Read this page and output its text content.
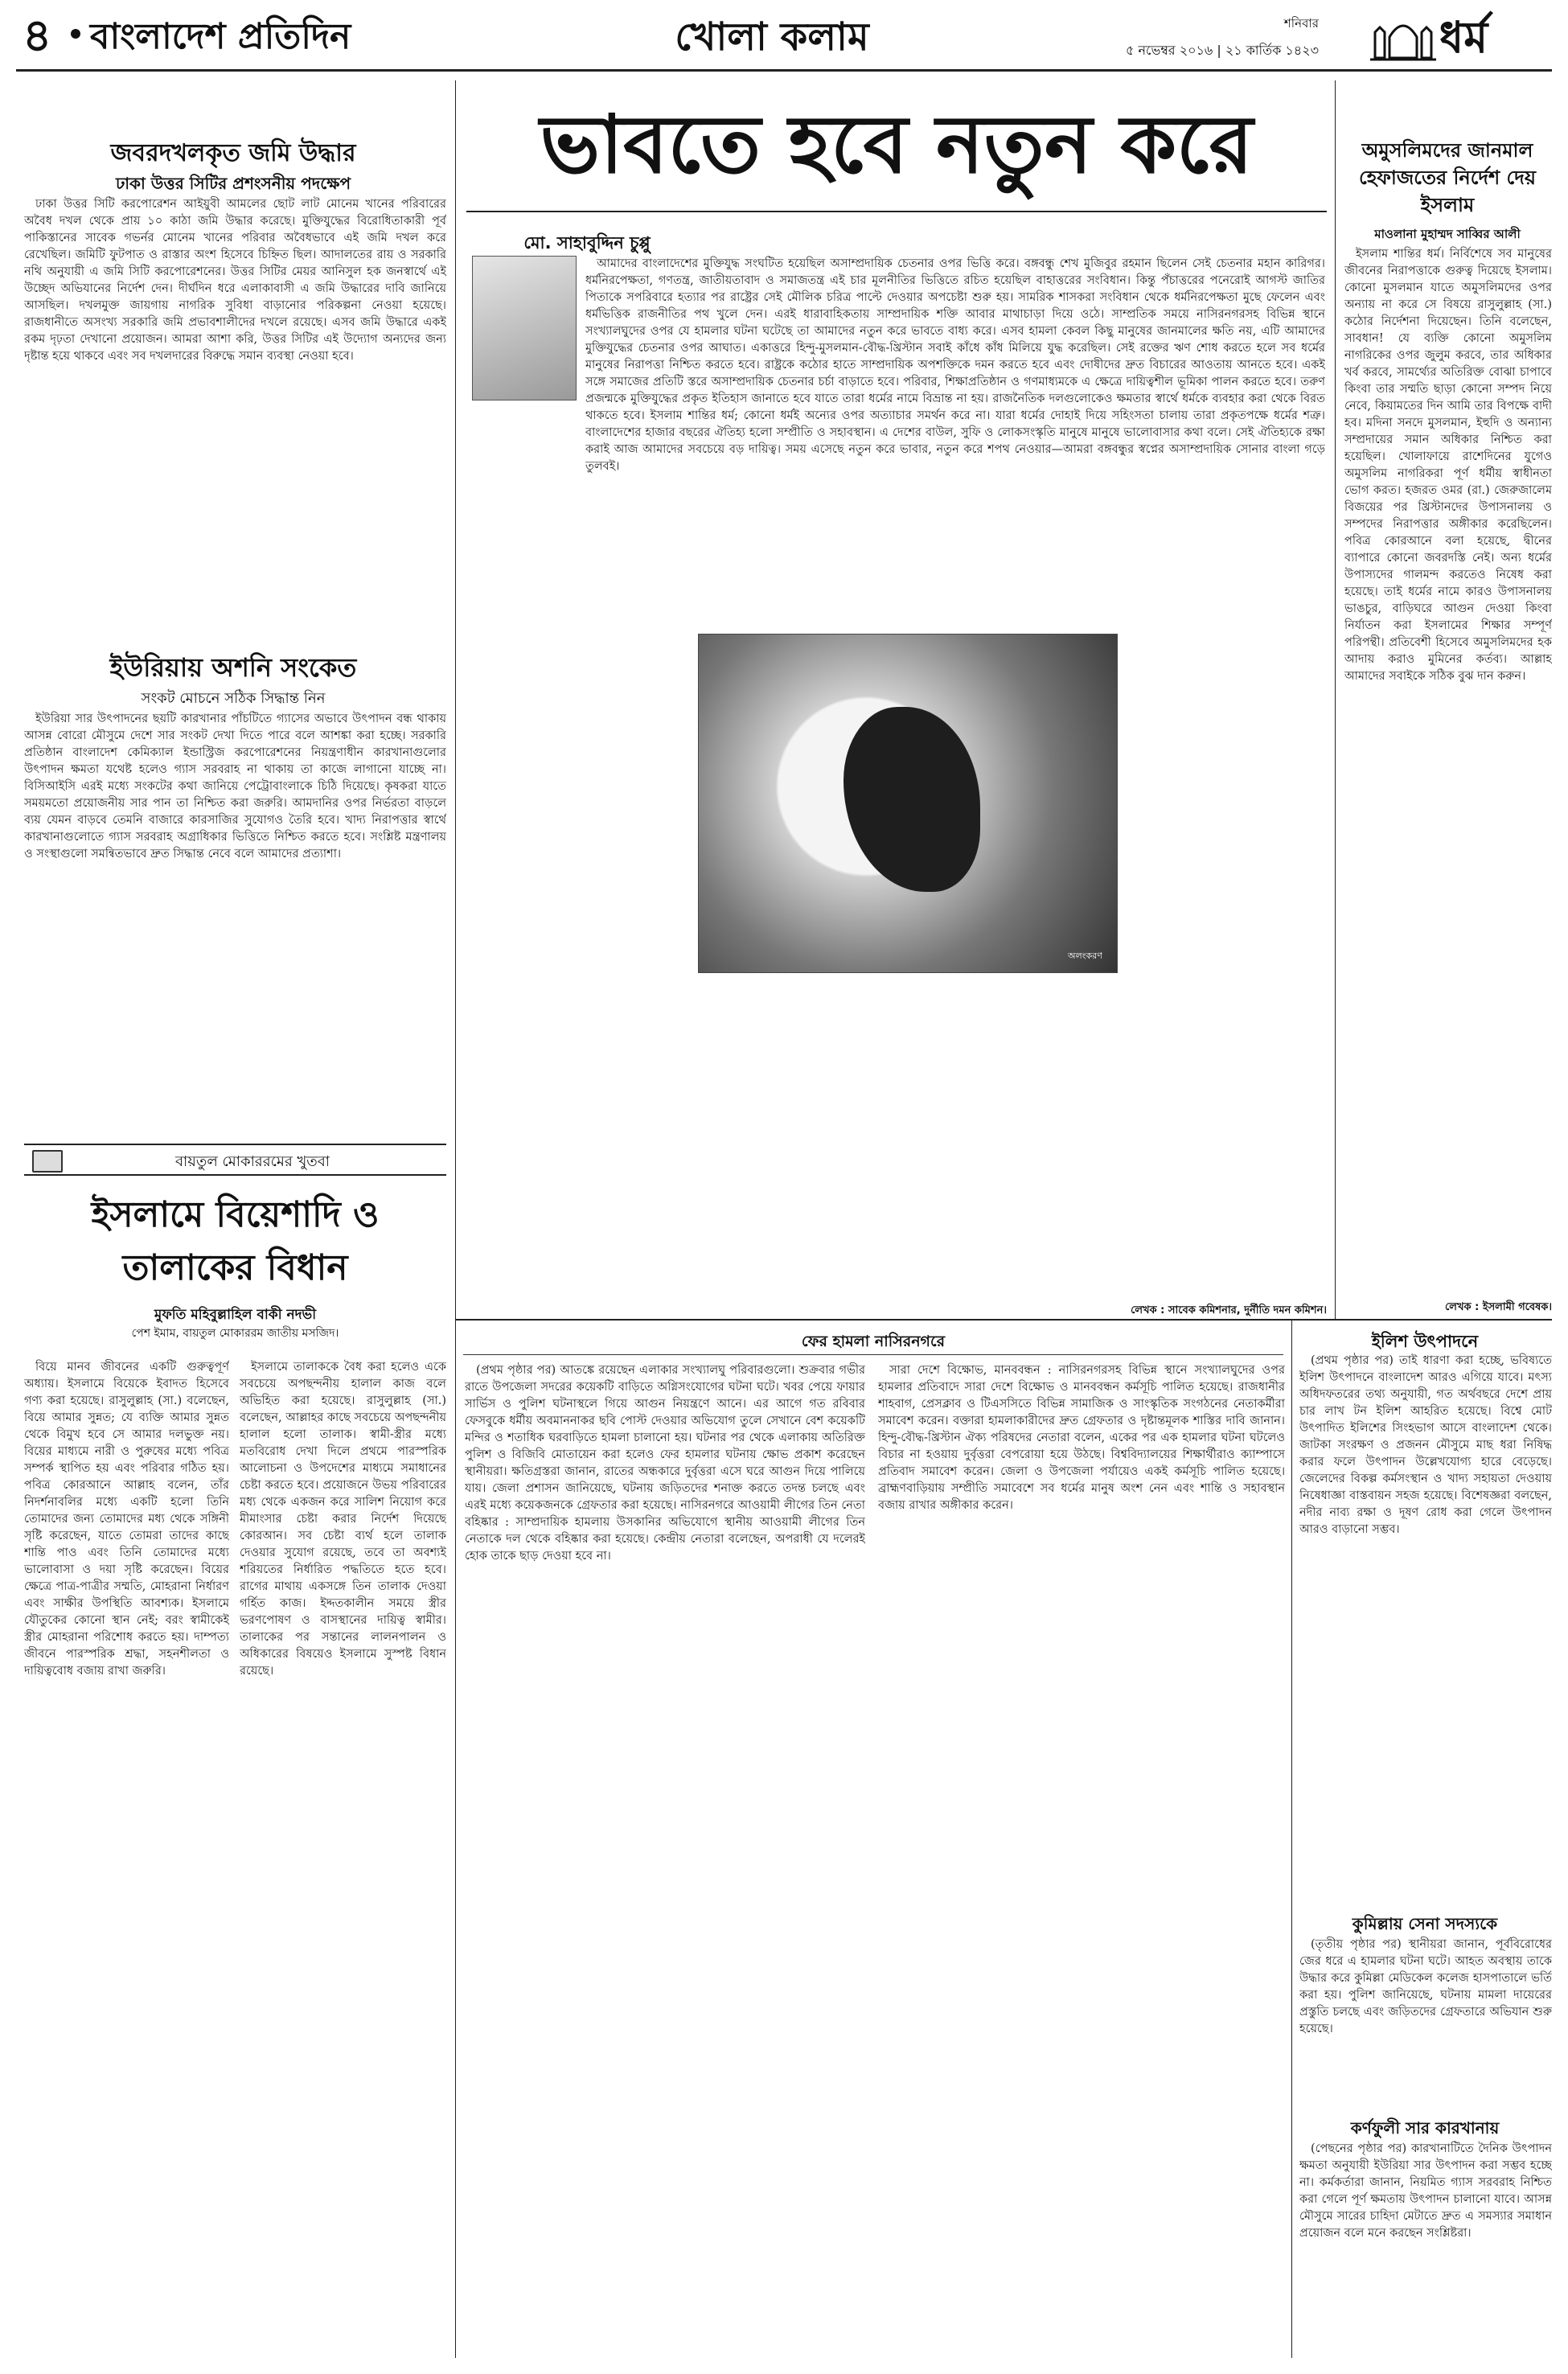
৪ বাংলাদেশ প্রতিদিন	খোলা কলাম	শনিবার
৫ নভেম্বর ২০১৬ | ২১ কার্তিক ১৪২৩	ধর্ম
জবরদখলকৃত জমি উদ্ধার
ঢাকা উত্তর সিটির প্রশংসনীয় পদক্ষেপ

ঢাকা উত্তর সিটি করপোরেশন আইয়ুবী আমলের ছোট লাট মোনেম খানের পরিবারের অবৈধ দখল থেকে প্রায় ১০ কাঠা জমি উদ্ধার করেছে। মুক্তিযুদ্ধের বিরোধিতাকারী পূর্ব পাকিস্তানের সাবেক গভর্নর মোনেম খানের পরিবার অবৈধভাবে এই জমি দখল করে রেখেছিল। জমিটি ফুটপাত ও রাস্তার অংশ হিসেবে চিহ্নিত ছিল। আদালতের রায় ও সরকারি নথি অনুযায়ী এ জমি সিটি করপোরেশনের। উত্তর সিটির মেয়র আনিসুল হক জনস্বার্থে এই উচ্ছেদ অভিযানের নির্দেশ দেন। দীর্ঘদিন ধরে এলাকাবাসী এ জমি উদ্ধারের দাবি জানিয়ে আসছিল। দখলমুক্ত জায়গায় নাগরিক সুবিধা বাড়ানোর পরিকল্পনা নেওয়া হয়েছে। রাজধানীতে অসংখ্য সরকারি জমি প্রভাবশালীদের দখলে রয়েছে। এসব জমি উদ্ধারে একই রকম দৃঢ়তা দেখানো প্রয়োজন। আমরা আশা করি, উত্তর সিটির এই উদ্যোগ অন্যদের জন্য দৃষ্টান্ত হয়ে থাকবে এবং সব দখলদারের বিরুদ্ধে সমান ব্যবস্থা নেওয়া হবে।

ইউরিয়ায় অশনি সংকেত
সংকট মোচনে সঠিক সিদ্ধান্ত নিন

ইউরিয়া সার উৎপাদনের ছয়টি কারখানার পাঁচটিতে গ্যাসের অভাবে উৎপাদন বন্ধ থাকায় আসন্ন বোরো মৌসুমে দেশে সার সংকট দেখা দিতে পারে বলে আশঙ্কা করা হচ্ছে। সরকারি প্রতিষ্ঠান বাংলাদেশ কেমিক্যাল ইন্ডাস্ট্রিজ করপোরেশনের নিয়ন্ত্রণাধীন কারখানাগুলোর উৎপাদন ক্ষমতা যথেষ্ট হলেও গ্যাস সরবরাহ না থাকায় তা কাজে লাগানো যাচ্ছে না। বিসিআইসি এরই মধ্যে সংকটের কথা জানিয়ে পেট্রোবাংলাকে চিঠি দিয়েছে। কৃষকরা যাতে সময়মতো প্রয়োজনীয় সার পান তা নিশ্চিত করা জরুরি। আমদানির ওপর নির্ভরতা বাড়লে ব্যয় যেমন বাড়বে তেমনি বাজারে কারসাজির সুযোগও তৈরি হবে। খাদ্য নিরাপত্তার স্বার্থে কারখানাগুলোতে গ্যাস সরবরাহ অগ্রাধিকার ভিত্তিতে নিশ্চিত করতে হবে। সংশ্লিষ্ট মন্ত্রণালয় ও সংস্থাগুলো সমন্বিতভাবে দ্রুত সিদ্ধান্ত নেবে বলে আমাদের প্রত্যাশা।

বায়তুল মোকাররমের খুতবা
ইসলামে বিয়েশাদি ও তালাকের বিধান
মুফতি মহিবুল্লাহিল বাকী নদভী
পেশ ইমাম, বায়তুল মোকাররম জাতীয় মসজিদ।
ভাবতে হবে নতুন করে
মো. সাহাবুদ্দিন চুপ্পু
অলংকরণ

আমাদের বাংলাদেশের মুক্তিযুদ্ধ সংঘটিত হয়েছিল অসাম্প্রদায়িক চেতনার ওপর ভিত্তি করে। বঙ্গবন্ধু শেখ মুজিবুর রহমান ছিলেন সেই চেতনার মহান কারিগর। ধর্মনিরপেক্ষতা, গণতন্ত্র, জাতীয়তাবাদ ও সমাজতন্ত্র এই চার মূলনীতির ভিত্তিতে রচিত হয়েছিল বাহাত্তরের সংবিধান। কিন্তু পঁচাত্তরের পনেরোই আগস্ট জাতির পিতাকে সপরিবারে হত্যার পর রাষ্ট্রের সেই মৌলিক চরিত্র পাল্টে দেওয়ার অপচেষ্টা শুরু হয়। সামরিক শাসকরা সংবিধান থেকে ধর্মনিরপেক্ষতা মুছে ফেলেন এবং ধর্মভিত্তিক রাজনীতির পথ খুলে দেন। এরই ধারাবাহিকতায় সাম্প্রদায়িক শক্তি আবার মাথাচাড়া দিয়ে ওঠে। সাম্প্রতিক সময়ে নাসিরনগরসহ বিভিন্ন স্থানে সংখ্যালঘুদের ওপর যে হামলার ঘটনা ঘটেছে তা আমাদের নতুন করে ভাবতে বাধ্য করে। এসব হামলা কেবল কিছু মানুষের জানমালের ক্ষতি নয়, এটি আমাদের মুক্তিযুদ্ধের চেতনার ওপর আঘাত। একাত্তরে হিন্দু-মুসলমান-বৌদ্ধ-খ্রিস্টান সবাই কাঁধে কাঁধ মিলিয়ে যুদ্ধ করেছিল। সেই রক্তের ঋণ শোধ করতে হলে সব ধর্মের মানুষের নিরাপত্তা নিশ্চিত করতে হবে। রাষ্ট্রকে কঠোর হাতে সাম্প্রদায়িক অপশক্তিকে দমন করতে হবে এবং দোষীদের দ্রুত বিচারের আওতায় আনতে হবে। একই সঙ্গে সমাজের প্রতিটি স্তরে অসাম্প্রদায়িক চেতনার চর্চা বাড়াতে হবে। পরিবার, শিক্ষাপ্রতিষ্ঠান ও গণমাধ্যমকে এ ক্ষেত্রে দায়িত্বশীল ভূমিকা পালন করতে হবে। তরুণ প্রজন্মকে মুক্তিযুদ্ধের প্রকৃত ইতিহাস জানাতে হবে যাতে তারা ধর্মের নামে বিভ্রান্ত না হয়। রাজনৈতিক দলগুলোকেও ক্ষমতার স্বার্থে ধর্মকে ব্যবহার করা থেকে বিরত থাকতে হবে। ইসলাম শান্তির ধর্ম; কোনো ধর্মই অন্যের ওপর অত্যাচার সমর্থন করে না। যারা ধর্মের দোহাই দিয়ে সহিংসতা চালায় তারা প্রকৃতপক্ষে ধর্মের শত্রু। বাংলাদেশের হাজার বছরের ঐতিহ্য হলো সম্প্রীতি ও সহাবস্থান। এ দেশের বাউল, সুফি ও লোকসংস্কৃতি মানুষে মানুষে ভালোবাসার কথা বলে। সেই ঐতিহ্যকে রক্ষা করাই আজ আমাদের সবচেয়ে বড় দায়িত্ব। সময় এসেছে নতুন করে ভাবার, নতুন করে শপথ নেওয়ার—আমরা বঙ্গবন্ধুর স্বপ্নের অসাম্প্রদায়িক সোনার বাংলা গড়ে তুলবই।

লেখক : সাবেক কমিশনার, দুর্নীতি দমন কমিশন।
অমুসলিমদের জানমাল হেফাজতের নির্দেশ দেয় ইসলাম
মাওলানা মুহাম্মদ সাব্বির আলী

ইসলাম শান্তির ধর্ম। নির্বিশেষে সব মানুষের জীবনের নিরাপত্তাকে গুরুত্ব দিয়েছে ইসলাম। কোনো মুসলমান যাতে অমুসলিমদের ওপর অন্যায় না করে সে বিষয়ে রাসুলুল্লাহ (সা.) কঠোর নির্দেশনা দিয়েছেন। তিনি বলেছেন, সাবধান! যে ব্যক্তি কোনো অমুসলিম নাগরিকের ওপর জুলুম করবে, তার অধিকার খর্ব করবে, সামর্থ্যের অতিরিক্ত বোঝা চাপাবে কিংবা তার সম্মতি ছাড়া কোনো সম্পদ নিয়ে নেবে, কিয়ামতের দিন আমি তার বিপক্ষে বাদী হব। মদিনা সনদে মুসলমান, ইহুদি ও অন্যান্য সম্প্রদায়ের সমান অধিকার নিশ্চিত করা হয়েছিল। খোলাফায়ে রাশেদিনের যুগেও অমুসলিম নাগরিকরা পূর্ণ ধর্মীয় স্বাধীনতা ভোগ করত। হজরত ওমর (রা.) জেরুজালেম বিজয়ের পর খ্রিস্টানদের উপাসনালয় ও সম্পদের নিরাপত্তার অঙ্গীকার করেছিলেন। পবিত্র কোরআনে বলা হয়েছে, দ্বীনের ব্যাপারে কোনো জবরদস্তি নেই। অন্য ধর্মের উপাস্যদের গালমন্দ করতেও নিষেধ করা হয়েছে। তাই ধর্মের নামে কারও উপাসনালয় ভাঙচুর, বাড়িঘরে আগুন দেওয়া কিংবা নির্যাতন করা ইসলামের শিক্ষার সম্পূর্ণ পরিপন্থী। প্রতিবেশী হিসেবে অমুসলিমদের হক আদায় করাও মুমিনের কর্তব্য। আল্লাহ আমাদের সবাইকে সঠিক বুঝ দান করুন।

লেখক : ইসলামী গবেষক।

বিয়ে মানব জীবনের একটি গুরুত্বপূর্ণ অধ্যায়। ইসলামে বিয়েকে ইবাদত হিসেবে গণ্য করা হয়েছে। রাসুলুল্লাহ (সা.) বলেছেন, বিয়ে আমার সুন্নত; যে ব্যক্তি আমার সুন্নত থেকে বিমুখ হবে সে আমার দলভুক্ত নয়। বিয়ের মাধ্যমে নারী ও পুরুষের মধ্যে পবিত্র সম্পর্ক স্থাপিত হয় এবং পরিবার গঠিত হয়। পবিত্র কোরআনে আল্লাহ বলেন, তাঁর নিদর্শনাবলির মধ্যে একটি হলো তিনি তোমাদের জন্য তোমাদের মধ্য থেকে সঙ্গিনী সৃষ্টি করেছেন, যাতে তোমরা তাদের কাছে শান্তি পাও এবং তিনি তোমাদের মধ্যে ভালোবাসা ও দয়া সৃষ্টি করেছেন। বিয়ের ক্ষেত্রে পাত্র-পাত্রীর সম্মতি, মোহরানা নির্ধারণ এবং সাক্ষীর উপস্থিতি আবশ্যক। ইসলামে যৌতুকের কোনো স্থান নেই; বরং স্বামীকেই স্ত্রীর মোহরানা পরিশোধ করতে হয়। দাম্পত্য জীবনে পারস্পরিক শ্রদ্ধা, সহনশীলতা ও দায়িত্ববোধ বজায় রাখা জরুরি।

ইসলামে তালাককে বৈধ করা হলেও একে সবচেয়ে অপছন্দনীয় হালাল কাজ বলে অভিহিত করা হয়েছে। রাসুলুল্লাহ (সা.) বলেছেন, আল্লাহর কাছে সবচেয়ে অপছন্দনীয় হালাল হলো তালাক। স্বামী-স্ত্রীর মধ্যে মতবিরোধ দেখা দিলে প্রথমে পারস্পরিক আলোচনা ও উপদেশের মাধ্যমে সমাধানের চেষ্টা করতে হবে। প্রয়োজনে উভয় পরিবারের মধ্য থেকে একজন করে সালিশ নিয়োগ করে মীমাংসার চেষ্টা করার নির্দেশ দিয়েছে কোরআন। সব চেষ্টা ব্যর্থ হলে তালাক দেওয়ার সুযোগ রয়েছে, তবে তা অবশ্যই শরিয়তের নির্ধারিত পদ্ধতিতে হতে হবে। রাগের মাথায় একসঙ্গে তিন তালাক দেওয়া গর্হিত কাজ। ইদ্দতকালীন সময়ে স্ত্রীর ভরণপোষণ ও বাসস্থানের দায়িত্ব স্বামীর। তালাকের পর সন্তানের লালনপালন ও অধিকারের বিষয়েও ইসলামে সুস্পষ্ট বিধান রয়েছে।

ফের হামলা নাসিরনগরে

(প্রথম পৃষ্ঠার পর) আতঙ্কে রয়েছেন এলাকার সংখ্যালঘু পরিবারগুলো। শুক্রবার গভীর রাতে উপজেলা সদরের কয়েকটি বাড়িতে অগ্নিসংযোগের ঘটনা ঘটে। খবর পেয়ে ফায়ার সার্ভিস ও পুলিশ ঘটনাস্থলে গিয়ে আগুন নিয়ন্ত্রণে আনে। এর আগে গত রবিবার ফেসবুকে ধর্মীয় অবমাননাকর ছবি পোস্ট দেওয়ার অভিযোগ তুলে সেখানে বেশ কয়েকটি মন্দির ও শতাধিক ঘরবাড়িতে হামলা চালানো হয়। ঘটনার পর থেকে এলাকায় অতিরিক্ত পুলিশ ও বিজিবি মোতায়েন করা হলেও ফের হামলার ঘটনায় ক্ষোভ প্রকাশ করেছেন স্থানীয়রা। ক্ষতিগ্রস্তরা জানান, রাতের অন্ধকারে দুর্বৃত্তরা এসে ঘরে আগুন দিয়ে পালিয়ে যায়। জেলা প্রশাসন জানিয়েছে, ঘটনায় জড়িতদের শনাক্ত করতে তদন্ত চলছে এবং এরই মধ্যে কয়েকজনকে গ্রেফতার করা হয়েছে। নাসিরনগরে আওয়ামী লীগের তিন নেতা বহিষ্কার : সাম্প্রদায়িক হামলায় উসকানির অভিযোগে স্থানীয় আওয়ামী লীগের তিন নেতাকে দল থেকে বহিষ্কার করা হয়েছে। কেন্দ্রীয় নেতারা বলেছেন, অপরাধী যে দলেরই হোক তাকে ছাড় দেওয়া হবে না।

সারা দেশে বিক্ষোভ, মানববন্ধন : নাসিরনগরসহ বিভিন্ন স্থানে সংখ্যালঘুদের ওপর হামলার প্রতিবাদে সারা দেশে বিক্ষোভ ও মানববন্ধন কর্মসূচি পালিত হয়েছে। রাজধানীর শাহবাগ, প্রেসক্লাব ও টিএসসিতে বিভিন্ন সামাজিক ও সাংস্কৃতিক সংগঠনের নেতাকর্মীরা সমাবেশ করেন। বক্তারা হামলাকারীদের দ্রুত গ্রেফতার ও দৃষ্টান্তমূলক শাস্তির দাবি জানান। হিন্দু-বৌদ্ধ-খ্রিস্টান ঐক্য পরিষদের নেতারা বলেন, একের পর এক হামলার ঘটনা ঘটলেও বিচার না হওয়ায় দুর্বৃত্তরা বেপরোয়া হয়ে উঠছে। বিশ্ববিদ্যালয়ের শিক্ষার্থীরাও ক্যাম্পাসে প্রতিবাদ সমাবেশ করেন। জেলা ও উপজেলা পর্যায়েও একই কর্মসূচি পালিত হয়েছে। ব্রাহ্মণবাড়িয়ায় সম্প্রীতি সমাবেশে সব ধর্মের মানুষ অংশ নেন এবং শান্তি ও সহাবস্থান বজায় রাখার অঙ্গীকার করেন।

ইলিশ উৎপাদনে

(প্রথম পৃষ্ঠার পর) তাই ধারণা করা হচ্ছে, ভবিষ্যতে ইলিশ উৎপাদনে বাংলাদেশ আরও এগিয়ে যাবে। মৎস্য অধিদফতরের তথ্য অনুযায়ী, গত অর্থবছরে দেশে প্রায় চার লাখ টন ইলিশ আহরিত হয়েছে। বিশ্বে মোট উৎপাদিত ইলিশের সিংহভাগ আসে বাংলাদেশ থেকে। জাটকা সংরক্ষণ ও প্রজনন মৌসুমে মাছ ধরা নিষিদ্ধ করার ফলে উৎপাদন উল্লেখযোগ্য হারে বেড়েছে। জেলেদের বিকল্প কর্মসংস্থান ও খাদ্য সহায়তা দেওয়ায় নিষেধাজ্ঞা বাস্তবায়ন সহজ হয়েছে। বিশেষজ্ঞরা বলছেন, নদীর নাব্য রক্ষা ও দূষণ রোধ করা গেলে উৎপাদন আরও বাড়ানো সম্ভব।

কুমিল্লায় সেনা সদস্যকে

(তৃতীয় পৃষ্ঠার পর) স্থানীয়রা জানান, পূর্ববিরোধের জের ধরে এ হামলার ঘটনা ঘটে। আহত অবস্থায় তাকে উদ্ধার করে কুমিল্লা মেডিকেল কলেজ হাসপাতালে ভর্তি করা হয়। পুলিশ জানিয়েছে, ঘটনায় মামলা দায়েরের প্রস্তুতি চলছে এবং জড়িতদের গ্রেফতারে অভিযান শুরু হয়েছে।

কর্ণফুলী সার কারখানায়

(পেছনের পৃষ্ঠার পর) কারখানাটিতে দৈনিক উৎপাদন ক্ষমতা অনুযায়ী ইউরিয়া সার উৎপাদন করা সম্ভব হচ্ছে না। কর্মকর্তারা জানান, নিয়মিত গ্যাস সরবরাহ নিশ্চিত করা গেলে পূর্ণ ক্ষমতায় উৎপাদন চালানো যাবে। আসন্ন মৌসুমে সারের চাহিদা মেটাতে দ্রুত এ সমস্যার সমাধান প্রয়োজন বলে মনে করছেন সংশ্লিষ্টরা।
